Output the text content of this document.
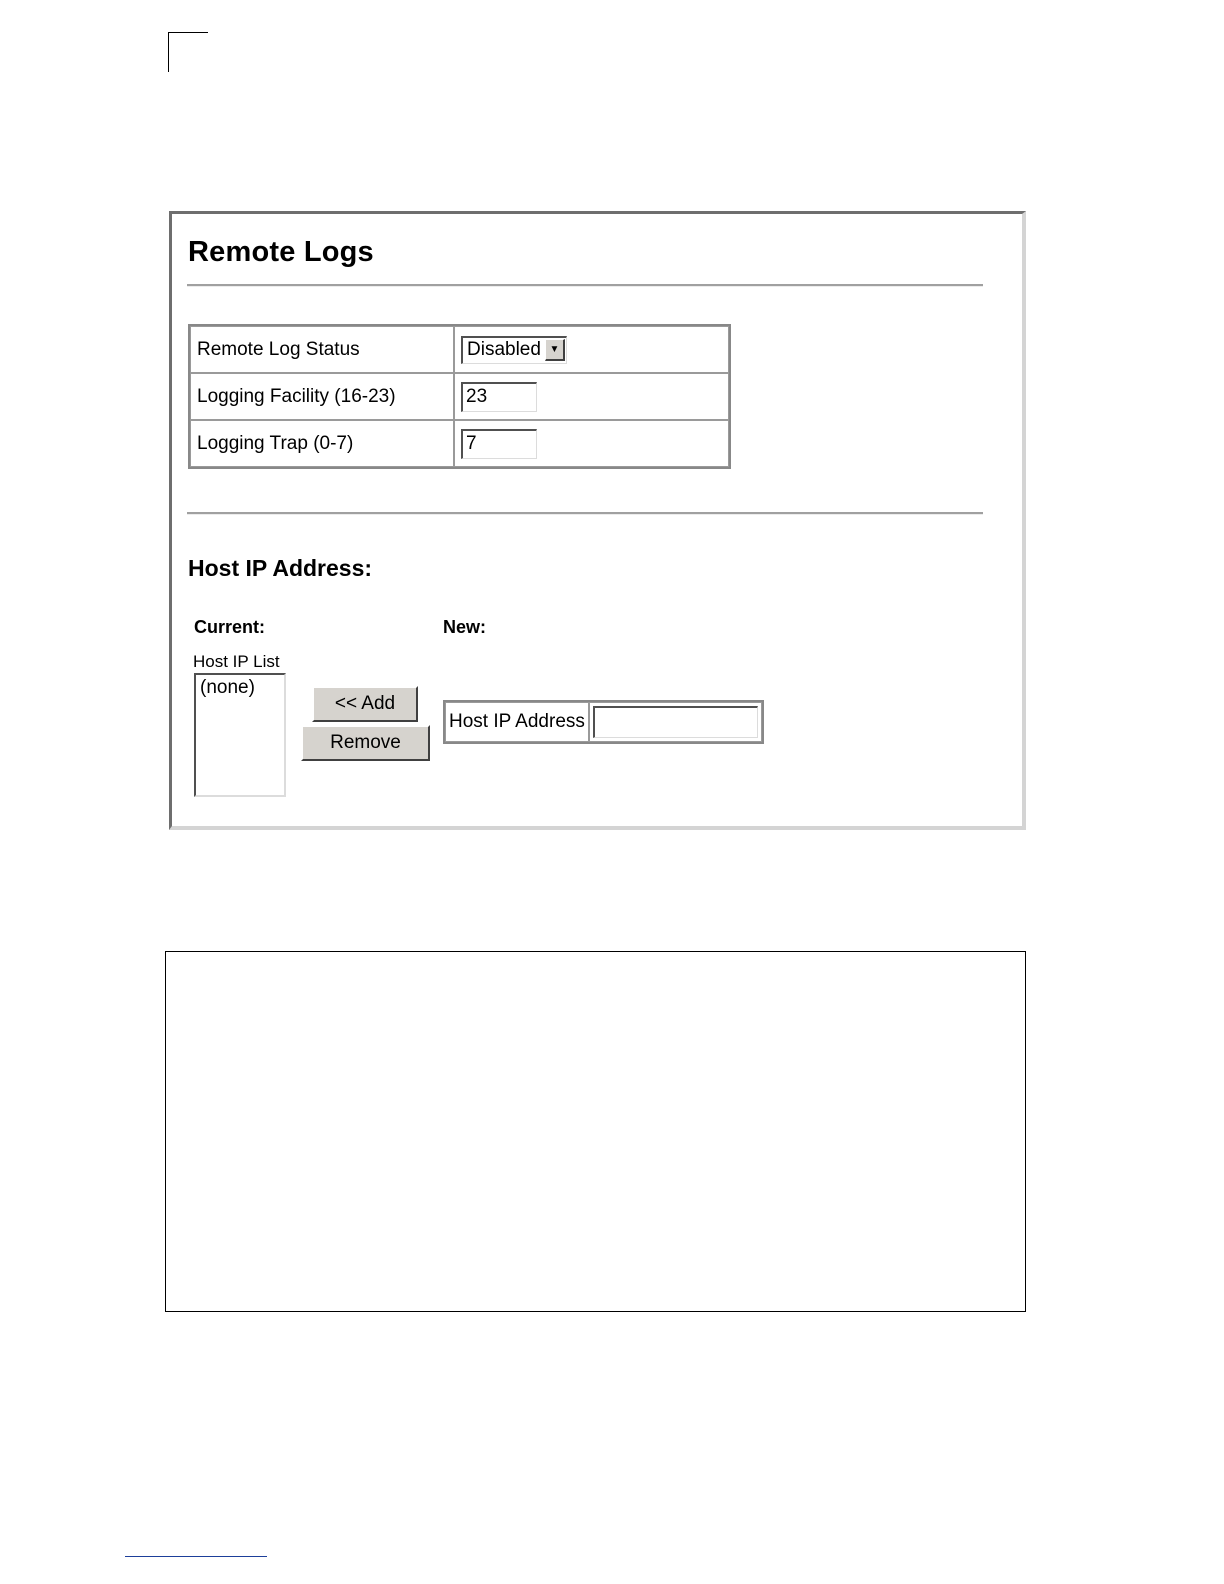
Remote Logs
Remote Log Status	Disabled ▼

Logging Facility (16-23)	23
Logging Trap (0-7)	7
Host IP Address:
Current:	New:
Host IP List
(none)
<< Add
Remove
Host IP Address	
